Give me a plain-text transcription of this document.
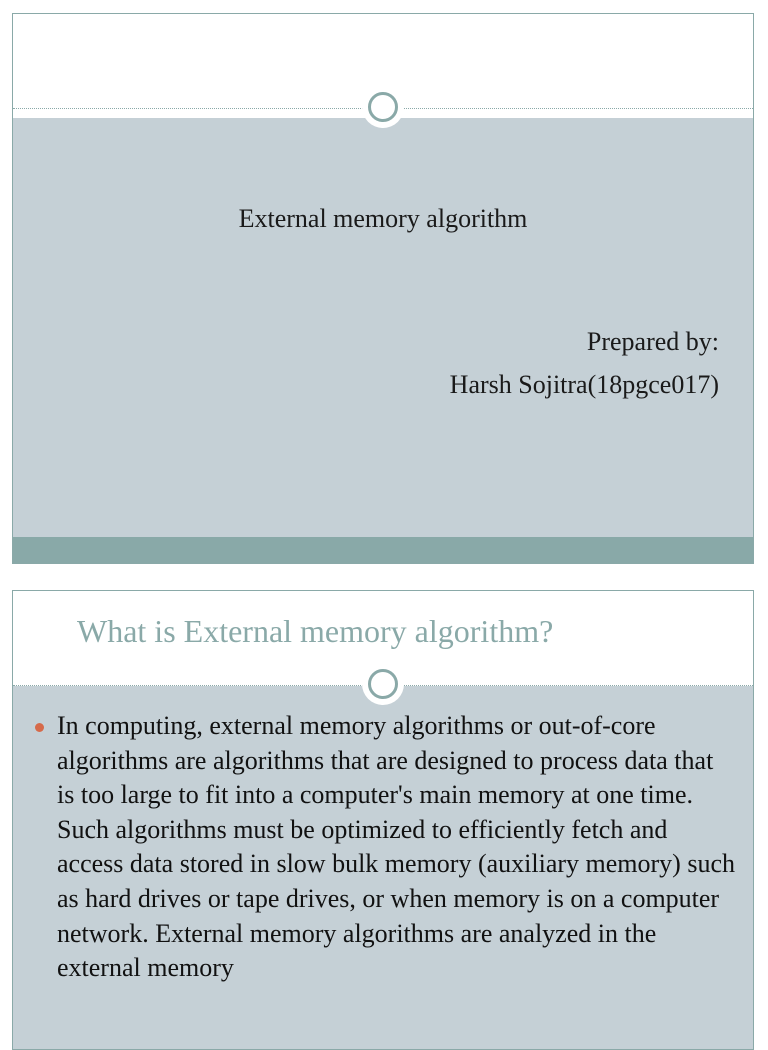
External memory algorithm
Prepared by:
Harsh Sojitra(18pgce017)
What is External memory algorithm?
In computing, external memory algorithms or out-of-core algorithms are algorithms that are designed to process data that is too large to fit into a computer's main memory at one time. Such algorithms must be optimized to efficiently fetch and access data stored in slow bulk memory (auxiliary memory) such as hard drives or tape drives, or when memory is on a computer network. External memory algorithms are analyzed in the external memory
